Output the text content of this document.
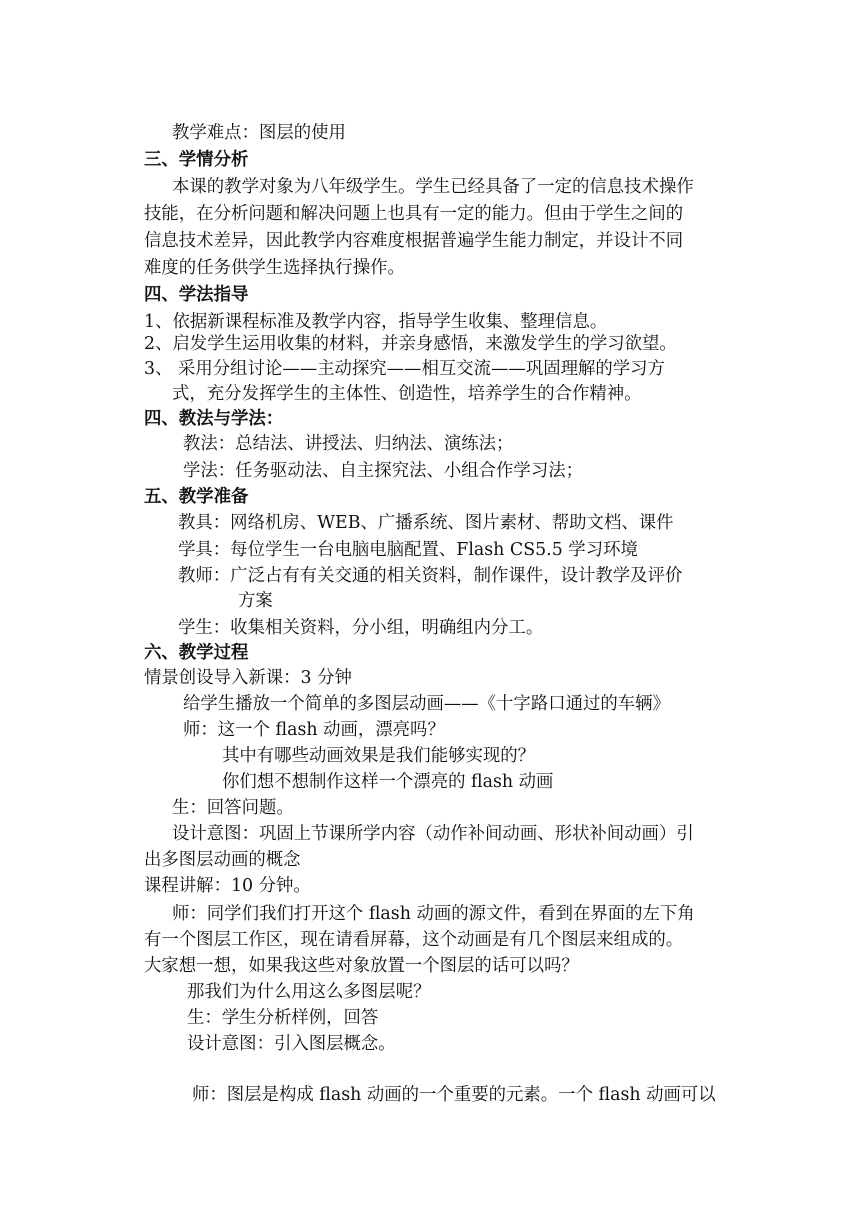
教学难点：图层的使用
三、学情分析
本课的教学对象为八年级学生。学生已经具备了一定的信息技术操作
技能，在分析问题和解决问题上也具有一定的能力。但由于学生之间的
信息技术差异，因此教学内容难度根据普遍学生能力制定，并设计不同
难度的任务供学生选择执行操作。
四、学法指导
1、依据新课程标准及教学内容，指导学生收集、整理信息。
2、启发学生运用收集的材料，并亲身感悟，来激发学生的学习欲望。
3、 采用分组讨论——主动探究——相互交流——巩固理解的学习方
式，充分发挥学生的主体性、创造性，培养学生的合作精神。
四、教法与学法：
教法：总结法、讲授法、归纳法、演练法；
学法：任务驱动法、自主探究法、小组合作学习法；
五、教学准备
教具：网络机房、WEB、广播系统、图片素材、帮助文档、课件
学具：每位学生一台电脑电脑配置、Flash CS5.5 学习环境
教师：广泛占有有关交通的相关资料，制作课件，设计教学及评价
方案
学生：收集相关资料，分小组，明确组内分工。
六、教学过程
情景创设导入新课：3 分钟
给学生播放一个简单的多图层动画——《十字路口通过的车辆》
师：这一个 flash 动画，漂亮吗？
其中有哪些动画效果是我们能够实现的？
你们想不想制作这样一个漂亮的 flash 动画
生：回答问题。
设计意图：巩固上节课所学内容（动作补间动画、形状补间动画）引
出多图层动画的概念
课程讲解：10 分钟。
师：同学们我们打开这个 flash 动画的源文件，看到在界面的左下角
有一个图层工作区，现在请看屏幕，这个动画是有几个图层来组成的。
大家想一想，如果我这些对象放置一个图层的话可以吗？
那我们为什么用这么多图层呢？
生：学生分析样例，回答
设计意图：引入图层概念。
师：图层是构成 flash 动画的一个重要的元素。一个 flash 动画可以
